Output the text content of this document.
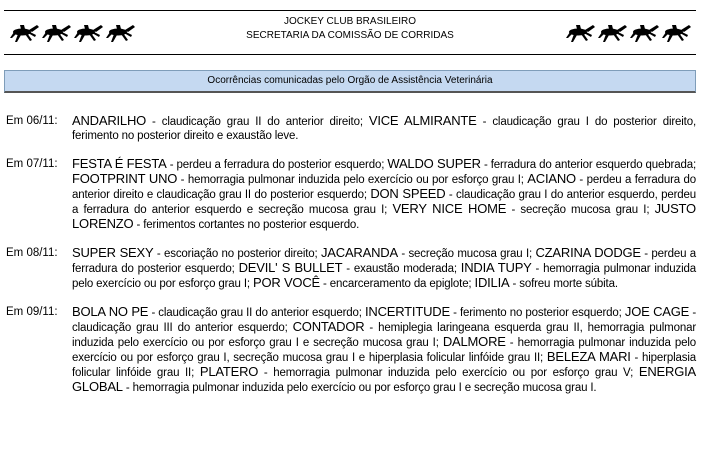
JOCKEY CLUB BRASILEIRO
SECRETARIA DA COMISSÃO DE CORRIDAS
Ocorrências comunicadas pelo Orgão de Assistência Veterinária
Em 06/11:	ANDARILHO - claudicação grau II do anterior direito; VICE ALMIRANTE - claudicação grau I do posterior direito, ferimento no posterior direito e exaustão leve.
Em 07/11:	FESTA É FESTA - perdeu a ferradura do posterior esquerdo; WALDO SUPER - ferradura do anterior esquerdo quebrada; FOOTPRINT UNO - hemorragia pulmonar induzida pelo exercício ou por esforço grau I; ACIANO - perdeu a ferradura do anterior direito e claudicação grau II do posterior esquerdo; DON SPEED - claudicação grau I do anterior esquerdo, perdeu a ferradura do anterior esquerdo e secreção mucosa grau I; VERY NICE HOME - secreção mucosa grau I; JUSTO LORENZO - ferimentos cortantes no posterior esquerdo.
Em 08/11:	SUPER SEXY - escoriação no posterior direito; JACARANDA - secreção mucosa grau I; CZARINA DODGE - perdeu a ferradura do posterior esquerdo; DEVIL' S BULLET - exaustão moderada; INDIA TUPY - hemorragia pulmonar induzida pelo exercício ou por esforço grau I; POR VOCÊ - encarceramento da epiglote; IDILIA - sofreu morte súbita.
Em 09/11:	BOLA NO PE - claudicação grau II do anterior esquerdo; INCERTITUDE - ferimento no posterior esquerdo; JOE CAGE - claudicação grau III do anterior esquerdo; CONTADOR - hemiplegia laringeana esquerda grau II, hemorragia pulmonar induzida pelo exercício ou por esforço grau I e secreção mucosa grau I; DALMORE - hemorragia pulmonar induzida pelo exercício ou por esforço grau I, secreção mucosa grau I e hiperplasia folicular linfóide grau II; BELEZA MARI - hiperplasia folicular linfóide grau II; PLATERO - hemorragia pulmonar induzida pelo exercício ou por esforço grau V; ENERGIA GLOBAL - hemorragia pulmonar induzida pelo exercício ou por esforço grau I e secreção mucosa grau I.
